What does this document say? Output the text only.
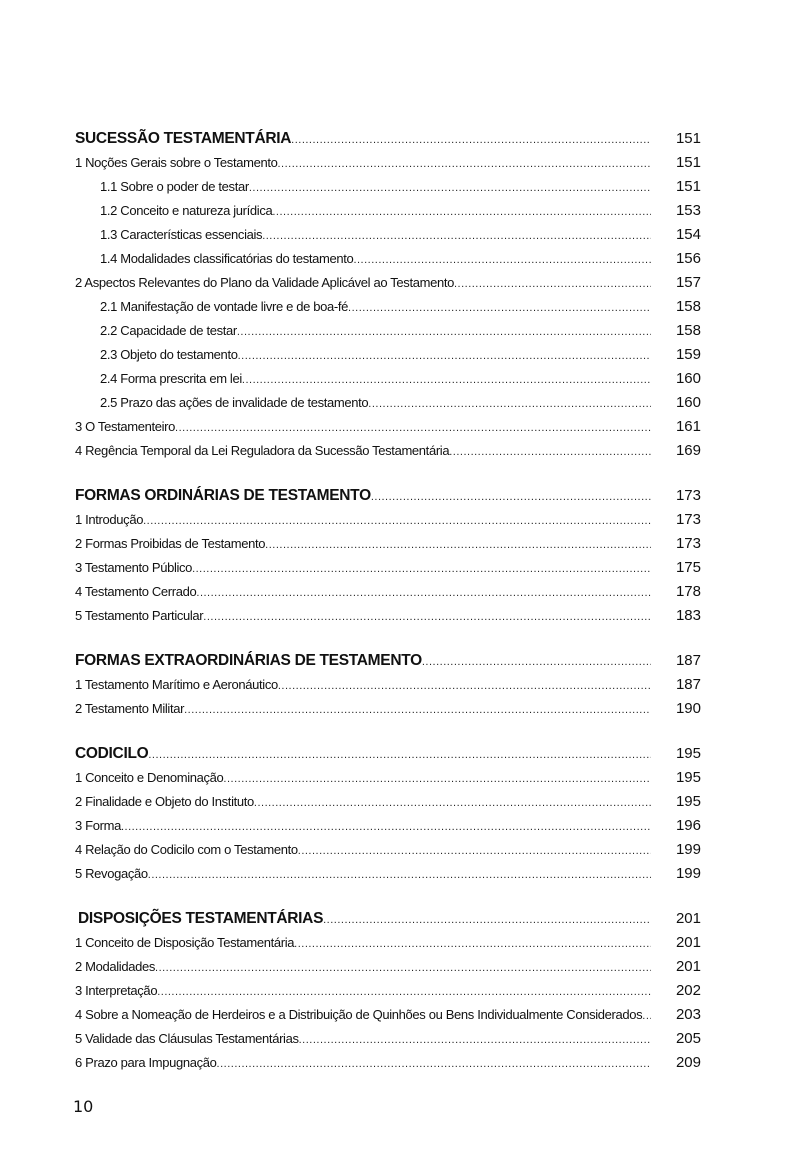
SUCESSÃO TESTAMENTÁRIA .....	151
1 Noções Gerais sobre o Testamento .....	151
1.1 Sobre o poder de testar .....	151
1.2 Conceito e natureza jurídica .....	153
1.3 Características essenciais .....	154
1.4 Modalidades classificatórias do testamento .....	156
2 Aspectos Relevantes do Plano da Validade Aplicável ao Testamento .....	157
2.1 Manifestação de vontade livre e de boa-fé .....	158
2.2 Capacidade de testar .....	158
2.3 Objeto do testamento .....	159
2.4 Forma prescrita em lei .....	160
2.5 Prazo das ações de invalidade de testamento .....	160
3 O Testamenteiro .....	161
4 Regência Temporal da Lei Reguladora da Sucessão Testamentária .....	169
FORMAS ORDINÁRIAS DE TESTAMENTO .....	173
1 Introdução .....	173
2 Formas Proibidas de Testamento .....	173
3 Testamento Público .....	175
4 Testamento Cerrado .....	178
5 Testamento Particular .....	183
FORMAS EXTRAORDINÁRIAS DE TESTAMENTO .....	187
1 Testamento Marítimo e Aeronáutico .....	187
2 Testamento Militar .....	190
CODICILO .....	195
1 Conceito e Denominação .....	195
2 Finalidade e Objeto do Instituto .....	195
3 Forma .....	196
4 Relação do Codicilo com o Testamento .....	199
5 Revogação .....	199
DISPOSIÇÕES TESTAMENTÁRIAS .....	201
1 Conceito de Disposição Testamentária .....	201
2 Modalidades .....	201
3 Interpretação .....	202
4 Sobre a Nomeação de Herdeiros e a Distribuição de Quinhões ou Bens Individualmente Considerados .....	203
5 Validade das Cláusulas Testamentárias .....	205
6 Prazo para Impugnação .....	209
10
